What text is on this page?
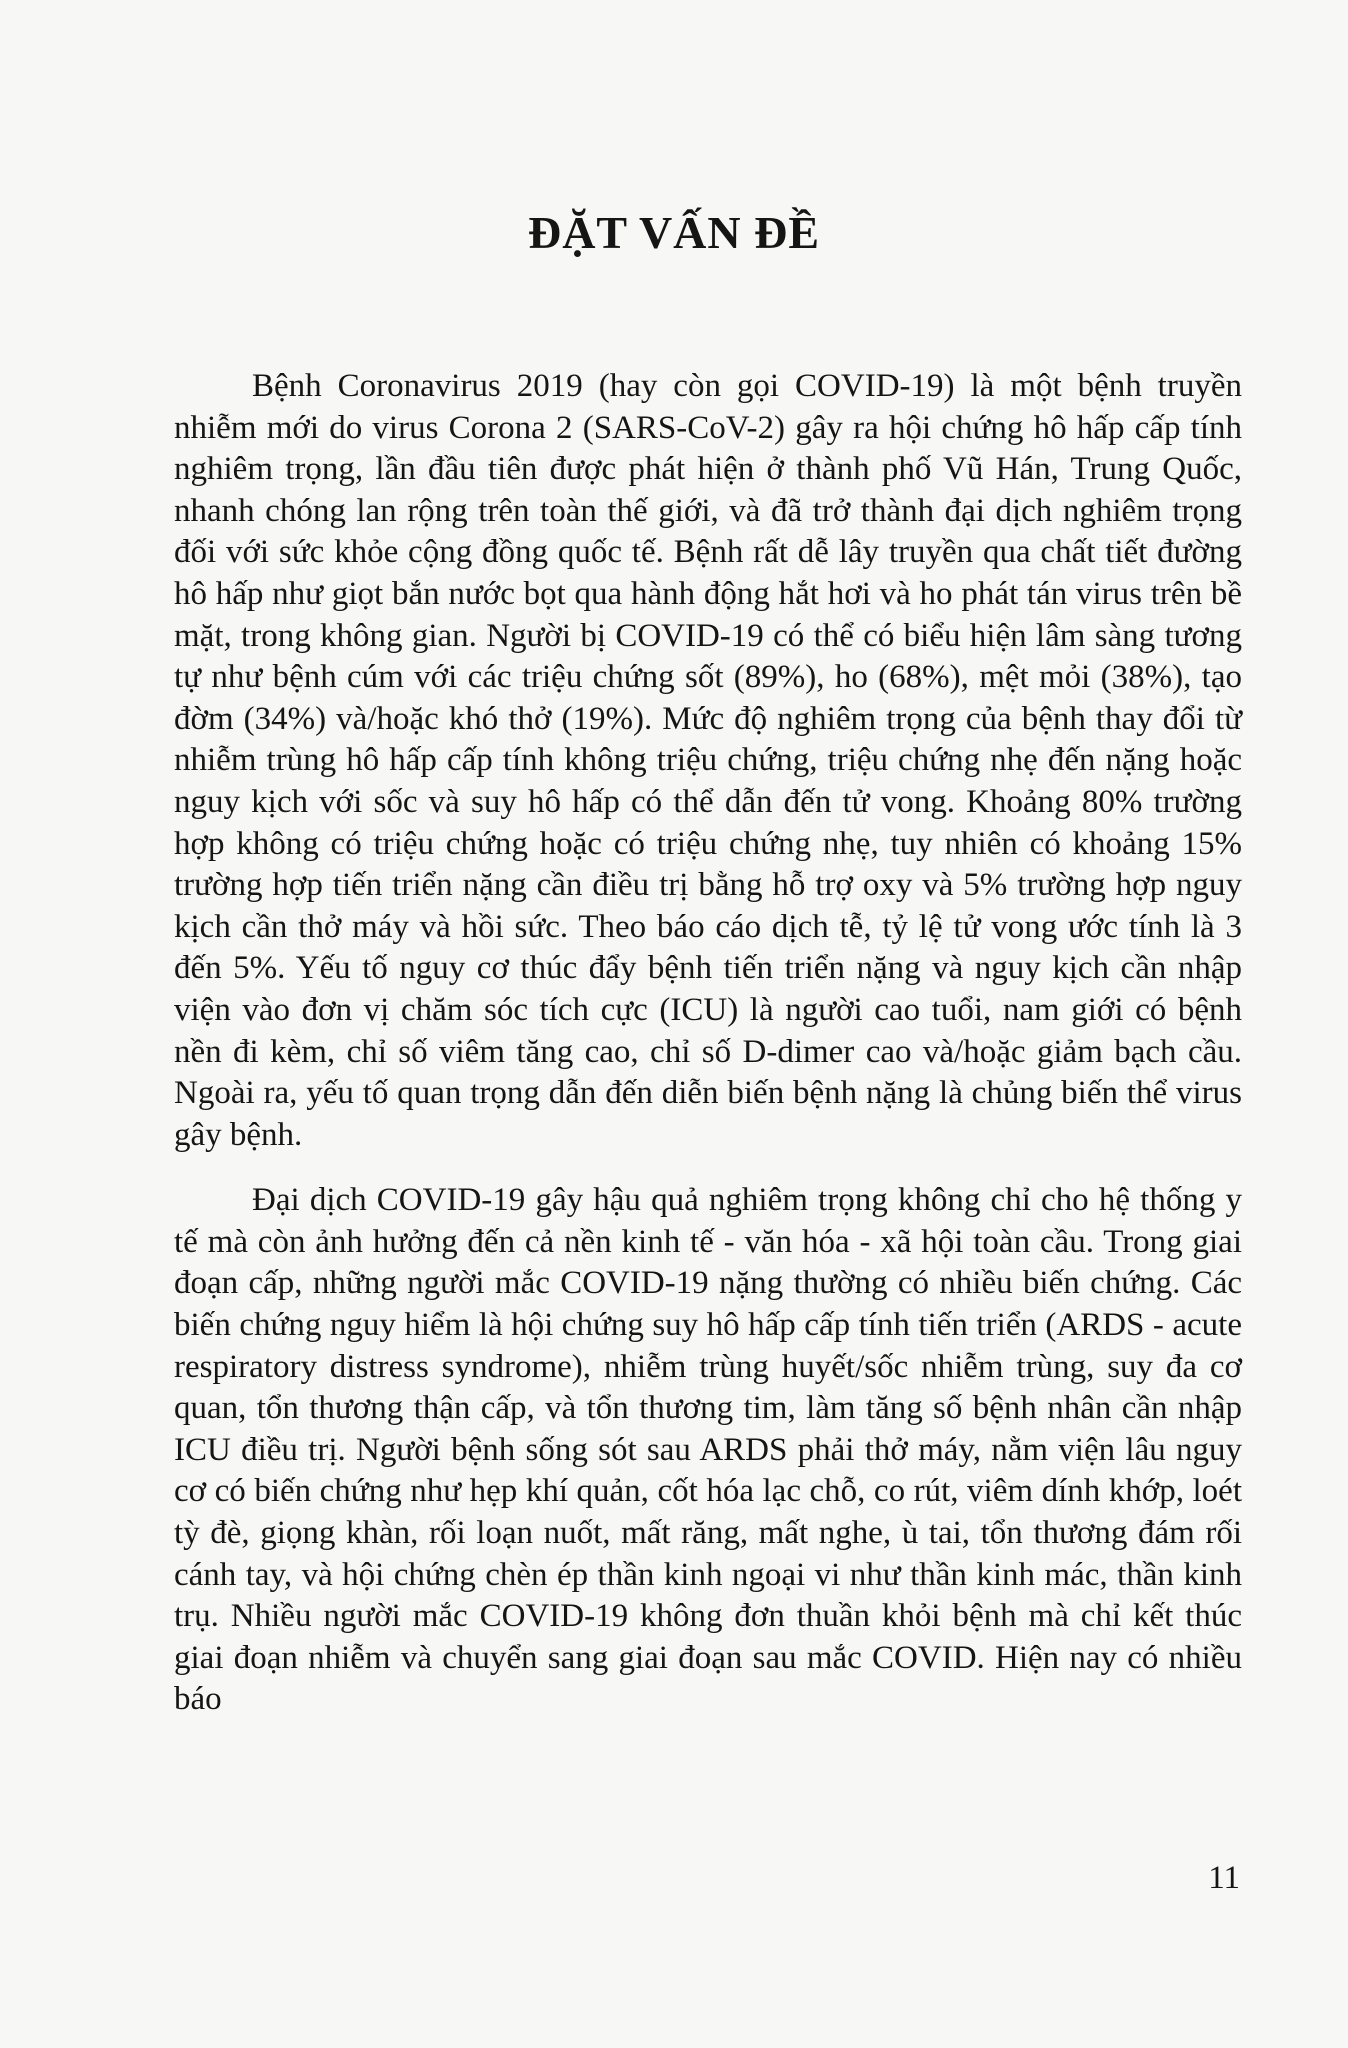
ĐẶT VẤN ĐỀ

Bệnh Coronavirus 2019 (hay còn gọi COVID-19) là một bệnh truyền nhiễm mới do virus Corona 2 (SARS-CoV-2) gây ra hội chứng hô hấp cấp tính nghiêm trọng, lần đầu tiên được phát hiện ở thành phố Vũ Hán, Trung Quốc, nhanh chóng lan rộng trên toàn thế giới, và đã trở thành đại dịch nghiêm trọng đối với sức khỏe cộng đồng quốc tế. Bệnh rất dễ lây truyền qua chất tiết đường hô hấp như giọt bắn nước bọt qua hành động hắt hơi và ho phát tán virus trên bề mặt, trong không gian. Người bị COVID-19 có thể có biểu hiện lâm sàng tương tự như bệnh cúm với các triệu chứng sốt (89%), ho (68%), mệt mỏi (38%), tạo đờm (34%) và/hoặc khó thở (19%). Mức độ nghiêm trọng của bệnh thay đổi từ nhiễm trùng hô hấp cấp tính không triệu chứng, triệu chứng nhẹ đến nặng hoặc nguy kịch với sốc và suy hô hấp có thể dẫn đến tử vong. Khoảng 80% trường hợp không có triệu chứng hoặc có triệu chứng nhẹ, tuy nhiên có khoảng 15% trường hợp tiến triển nặng cần điều trị bằng hỗ trợ oxy và 5% trường hợp nguy kịch cần thở máy và hồi sức. Theo báo cáo dịch tễ, tỷ lệ tử vong ước tính là 3 đến 5%. Yếu tố nguy cơ thúc đẩy bệnh tiến triển nặng và nguy kịch cần nhập viện vào đơn vị chăm sóc tích cực (ICU) là người cao tuổi, nam giới có bệnh nền đi kèm, chỉ số viêm tăng cao, chỉ số D-dimer cao và/hoặc giảm bạch cầu. Ngoài ra, yếu tố quan trọng dẫn đến diễn biến bệnh nặng là chủng biến thể virus gây bệnh.

Đại dịch COVID-19 gây hậu quả nghiêm trọng không chỉ cho hệ thống y tế mà còn ảnh hưởng đến cả nền kinh tế - văn hóa - xã hội toàn cầu. Trong giai đoạn cấp, những người mắc COVID-19 nặng thường có nhiều biến chứng. Các biến chứng nguy hiểm là hội chứng suy hô hấp cấp tính tiến triển (ARDS - acute respiratory distress syndrome), nhiễm trùng huyết/sốc nhiễm trùng, suy đa cơ quan, tổn thương thận cấp, và tổn thương tim, làm tăng số bệnh nhân cần nhập ICU điều trị. Người bệnh sống sót sau ARDS phải thở máy, nằm viện lâu nguy cơ có biến chứng như hẹp khí quản, cốt hóa lạc chỗ, co rút, viêm dính khớp, loét tỳ đè, giọng khàn, rối loạn nuốt, mất răng, mất nghe, ù tai, tổn thương đám rối cánh tay, và hội chứng chèn ép thần kinh ngoại vi như thần kinh mác, thần kinh trụ. Nhiều người mắc COVID-19 không đơn thuần khỏi bệnh mà chỉ kết thúc giai đoạn nhiễm và chuyển sang giai đoạn sau mắc COVID. Hiện nay có nhiều báo

11
